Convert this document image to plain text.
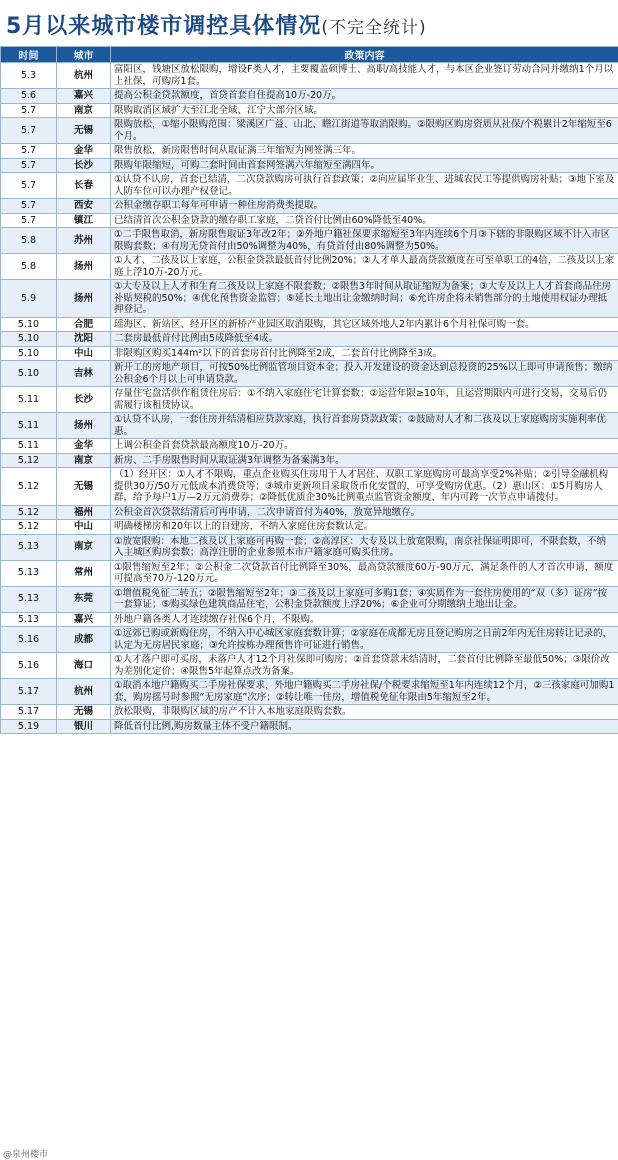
5月以来城市楼市调控具体情况(不完全统计)
时间	城市	政策内容
5.3	杭州	富阳区，钱塘区放松限购，增设F类人才，主要覆盖硕博士、高职/高技能人才，与本区企业签订劳动合同并缴纳1个月以上社保，可购房1套。
5.6	嘉兴	提高公积金贷款额度，首贷首套自住提高10万-20万。
5.7	南京	限购取消区域扩大至江北全域、江宁大部分区域。
5.7	无锡	限购放松，①缩小限购范围：梁溪区广益、山北、瞻江街道等取消限购。②限购区购房资质从社保/个税累计2年缩短至6个月。
5.7	金华	限售放松，新房限售时间从取证满三年缩短为网签满三年。
5.7	长沙	限购年限缩短，可购二套时间由首套网签满六年缩短至满四年。
5.7	长春	①认贷不认房，首套已结清，二次贷款购房可执行首套政策；②向应届毕业生、进城农民工等提供购房补贴；③地下室及人防车位可以办理产权登记。
5.7	西安	公积金缴存职工每年可申请一种住房消费类提取。
5.7	镇江	已结清首次公积金贷款的缴存职工家庭，二贷首付比例由60%降低至40%。
5.8	苏州	①二手限售取消，新房限售取证3年改2年；②外地户籍社保要求缩短至3年内连续6个月③下辖的非限购区域不计入市区限购套数；④有房无贷首付由50%调整为40%，有贷首付由80%调整为50%。
5.8	扬州	①人才、二孩及以上家庭，公积金贷款最低首付比例20%；②人才单人最高贷款额度在可至单职工的4倍，二孩及以上家庭上浮10万-20万元。
5.9	扬州	①大专及以上人才和生育二孩及以上家庭不限套数；②限售3年时间从取证缩短为备案；③大专及以上人才首套商品住房补贴契税的50%；④优化预售资金监管；⑤延长土地出让金缴纳时间；⑥允许房企将未销售部分的土地使用权证办理抵押登记。
5.10	合肥	瑶海区、新站区、经开区的新桥产业园区取消限购，其它区域外地人2年内累计6个月社保可购一套。
5.10	沈阳	二套房最低首付比例由5成降低至4成。
5.10	中山	非限购区购买144m²以下的首套房首付比例降至2成，二套首付比例降至3成。
5.10	吉林	新开工的房地产项目，可按50%比例监管项目资本金；投入开发建设的资金达到总投资的25%以上即可申请预售；缴纳公积金6个月以上可申请贷款。
5.11	长沙	存量住宅盘活供作租赁住房后：①不纳入家庭住宅计算套数；②运营年限≥10年，且运营期限内可进行交易，交易后仍需履行该租赁协议。
5.11	扬州	①认贷不认房，一套住房并结清相应贷款家庭，执行首套房贷款政策；②鼓励对人才和二孩及以上家庭购房实施利率优惠。
5.11	金华	上调公积金首套贷款最高额度10万-20万。
5.12	南京	新房、二手房限售时间从取证满3年调整为备案满3年。
5.12	无锡	（1）经开区：①人才不限购，重点企业购买住房用于人才居住、双职工家庭购房可最高享受2%补贴；②引导金融机构提供30万/50万元低成本消费贷等；③城市更新项目采取货币化安置的，可享受购房优惠。（2）惠山区：①5月购房人群，给予每户1万—2万元消费券；②降低优质企30%比例重点监管资金额度、年内可跨一次节点申请拨付。
5.12	福州	公积金首次贷款结清后可再申请，二次申请首付为40%，放宽异地缴存。
5.12	中山	明确楼梯房和20年以上的自建房，不纳入家庭住房套数认定。
5.13	南京	①放宽限购：本地二孩及以上家庭可再购一套；②高淳区：大专及以上放宽限购，南京社保证明即可，不限套数，不纳入主城区购房套数；高淳注册的企业参照本市户籍家庭可购买住房。
5.13	常州	①限售缩短至2年；②公积金二次贷款首付比例降至30%，最高贷款额度60万-90万元，满足条件的人才首次申请，额度可提高至70万-120万元。
5.13	东莞	①增值税免征二转五；②限售缩短至2年；③二孩及以上家庭可多购1套；④实质作为一套住房使用的“双（多）证房”按一套算证；⑤购买绿色建筑商品住宅，公积金贷款额度上浮20%；⑥企业可分期缴纳土地出让金。
5.13	嘉兴	外地户籍各类人才连续缴存社保6个月，不限购。
5.16	成都	①远郊已购或新购住房，不纳入中心城区家庭套数计算；②家庭在成都无房且登记购房之日前2年内无住房转让记录的，认定为无房居民家庭；③允许按栋办理预售许可证进行销售。
5.16	海口	①人才落户即可买房，未落户人才12个月社保即可购房；②首套贷款未结清时，二套首付比例降至最低50%；③限价改为差别化定价；④限售5年起算点改为备案。
5.17	杭州	①取消本地户籍购买二手房社保要求，外地户籍购买二手房社保/个税要求缩短至1年内连续12个月，②三孩家庭可加购1套，购房摇号时参照“无房家庭”次序；②转让唯一住房，增值税免征年限由5年缩短至2年。
5.17	无锡	放松限购，非限购区域的房产不计入本地家庭限购套数。
5.19	银川	降低首付比例,购房数量主体不受户籍限制。
@泉州楼市
